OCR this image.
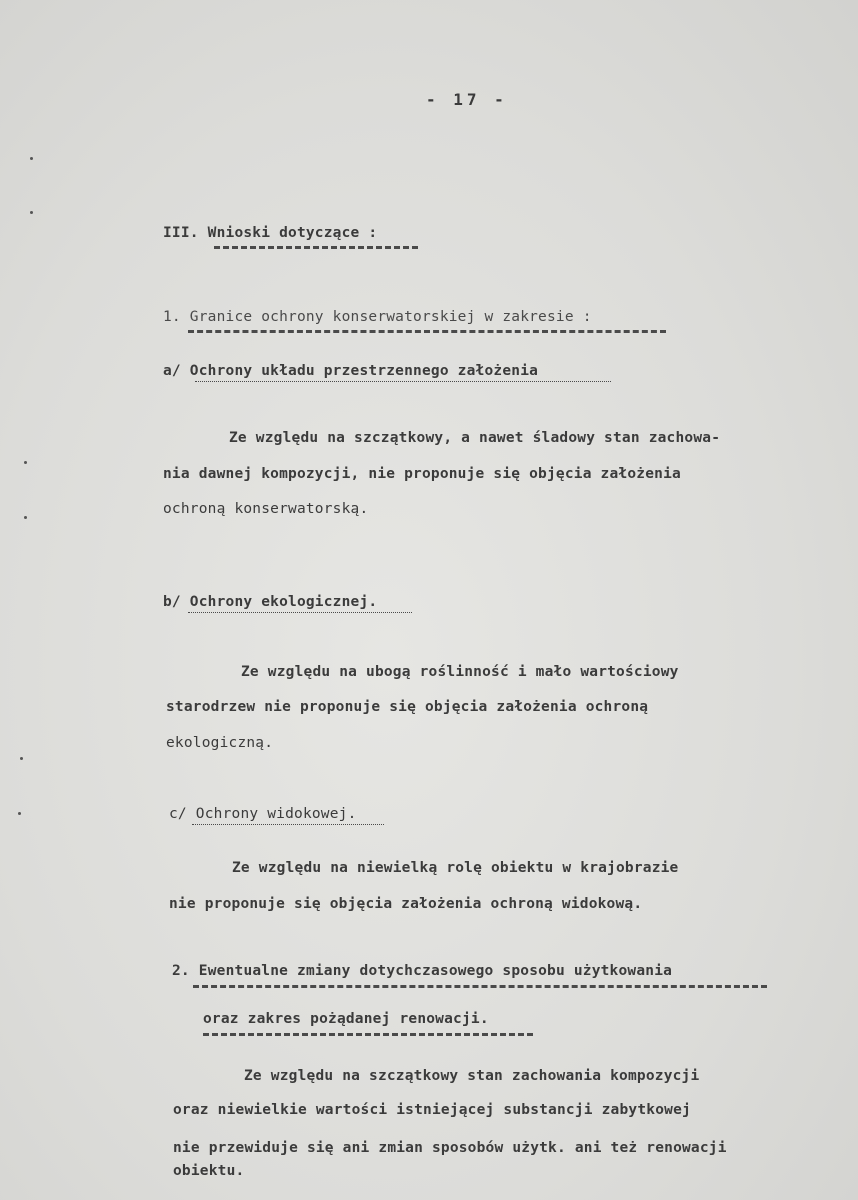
- 17 -
III. Wnioski dotyczące :
1. Granice ochrony konserwatorskiej w zakresie :
a/ Ochrony układu przestrzennego założenia
Ze względu na szczątkowy, a nawet śladowy stan zachowa-
nia dawnej kompozycji, nie proponuje się objęcia założenia
ochroną konserwatorską.
b/ Ochrony ekologicznej.
Ze względu na ubogą roślinność i mało wartościowy
starodrzew nie proponuje się objęcia założenia ochroną
ekologiczną.
c/ Ochrony widokowej.
Ze względu na niewielką rolę obiektu w krajobrazie
nie proponuje się objęcia założenia ochroną widokową.
2. Ewentualne zmiany dotychczasowego sposobu użytkowania
oraz zakres pożądanej renowacji.
Ze względu na szczątkowy stan zachowania kompozycji
oraz niewielkie wartości istniejącej substancji zabytkowej
nie przewiduje się ani zmian sposobów użytk. ani też renowacji
obiektu.
